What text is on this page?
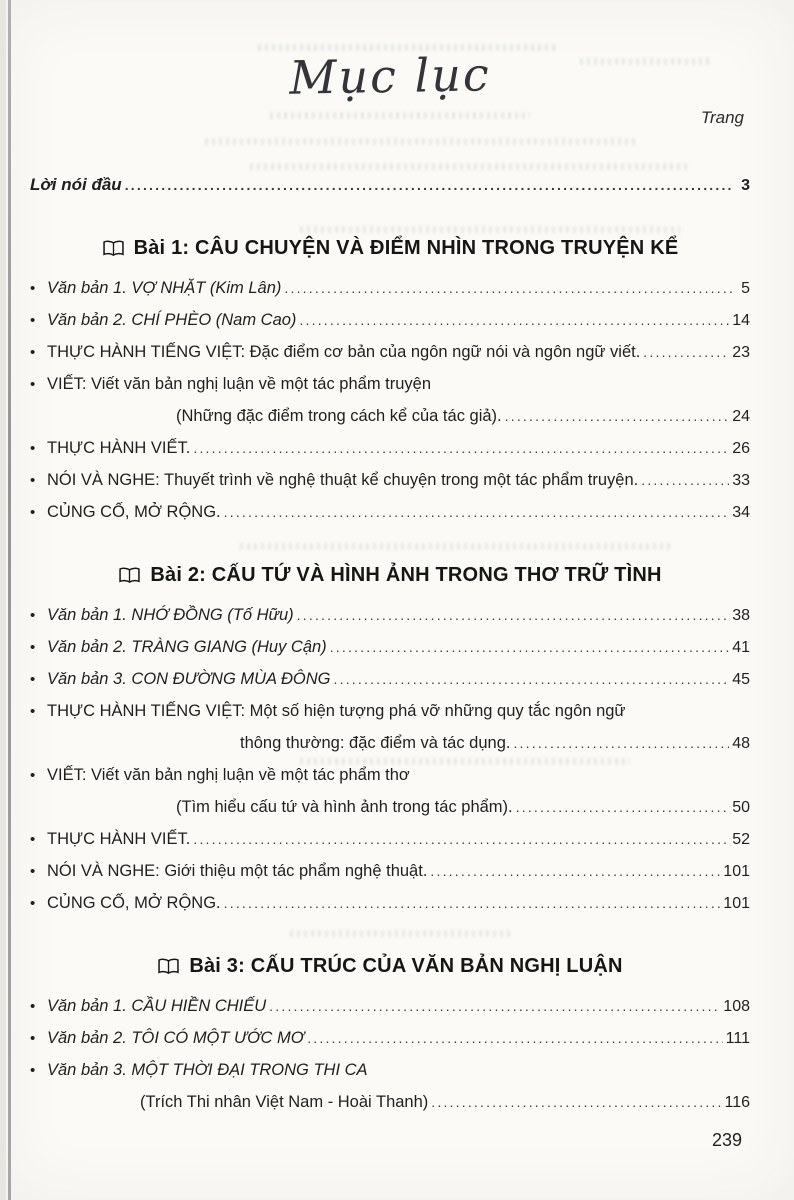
Mục lục
Trang
Lời nói đầu .....	3
Bài 1: CÂU CHUYỆN VÀ ĐIỂM NHÌN TRONG TRUYỆN KỂ
• Văn bản 1. VỢ NHẶT (Kim Lân) .....	5
• Văn bản 2. CHÍ PHÈO (Nam Cao) .....	14
• THỰC HÀNH TIẾNG VIỆT: Đặc điểm cơ bản của ngôn ngữ nói và ngôn ngữ viết. .....	23
• VIẾT: Viết văn bản nghị luận về một tác phẩm truyện
(Những đặc điểm trong cách kể của tác giả). .....	24
• THỰC HÀNH VIẾT. .....	26
• NÓI VÀ NGHE: Thuyết trình về nghệ thuật kể chuyện trong một tác phẩm truyện. .....	33
• CỦNG CỐ, MỞ RỘNG. .....	34
Bài 2: CẤU TỨ VÀ HÌNH ẢNH TRONG THƠ TRỮ TÌNH
• Văn bản 1. NHỚ ĐỒNG (Tố Hữu) .....	38
• Văn bản 2. TRÀNG GIANG (Huy Cận) .....	41
• Văn bản 3. CON ĐƯỜNG MÙA ĐÔNG .....	45
• THỰC HÀNH TIẾNG VIỆT: Một số hiện tượng phá vỡ những quy tắc ngôn ngữ
thông thường: đặc điểm và tác dụng. .....	48
• VIẾT: Viết văn bản nghị luận về một tác phẩm thơ
(Tìm hiểu cấu tứ và hình ảnh trong tác phẩm). .....	50
• THỰC HÀNH VIẾT. .....	52
• NÓI VÀ NGHE: Giới thiệu một tác phẩm nghệ thuật. .....	101
• CỦNG CỐ, MỞ RỘNG. .....	101
Bài 3: CẤU TRÚC CỦA VĂN BẢN NGHỊ LUẬN
• Văn bản 1. CẦU HIỀN CHIẾU .....	108
• Văn bản 2. TÔI CÓ MỘT ƯỚC MƠ .....	111
• Văn bản 3. MỘT THỜI ĐẠI TRONG THI CA
(Trích Thi nhân Việt Nam - Hoài Thanh) .....	116
239
